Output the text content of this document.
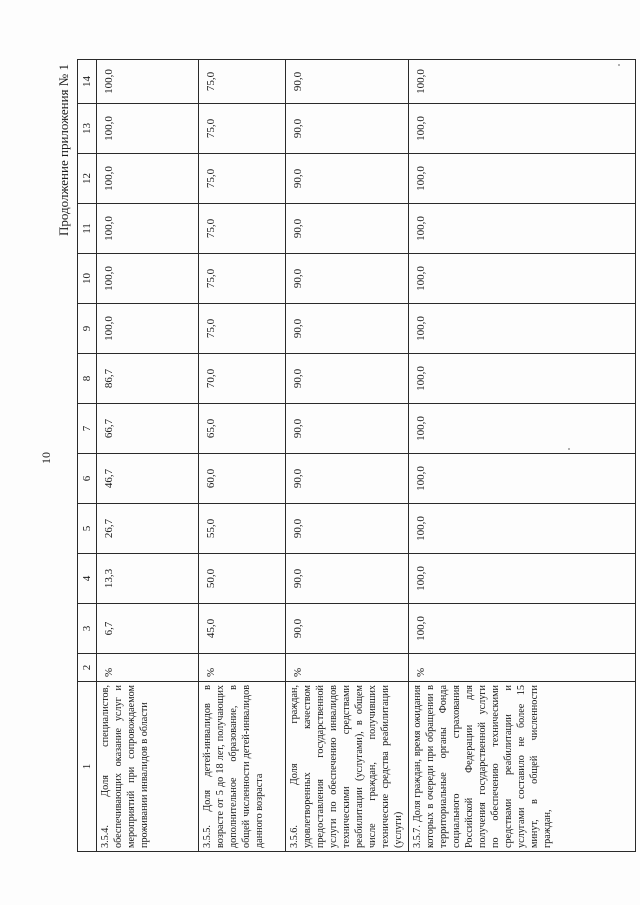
10
Продолжение приложения № 1
1	2	3	4	5	6	7	8	9	10	11	12	13	14
3.5.4. Доля специалистов, обеспечивающих оказание услуг и мероприятий при сопровождаемом проживании инвалидов в области	%	6,7	13,3	26,7	46,7	66,7	86,7	100,0	100,0	100,0	100,0	100,0	100,0
3.5.5. Доля детей-инвалидов в возрасте от 5 до 18 лет, получающих дополнительное образование, в общей численности детей-инвалидов данного возраста	%	45,0	50,0	55,0	60,0	65,0	70,0	75,0	75,0	75,0	75,0	75,0	75,0
3.5.6. Доля граждан, удовлетворенных качеством предоставления государственной услуги по обеспечению инвалидов техническими средствами реабилитации (услугами), в общем числе граждан, получивших технические средства реабилитации (услуги)	%	90,0	90,0	90,0	90,0	90,0	90,0	90,0	90,0	90,0	90,0	90,0	90,0
3.5.7. Доля граждан, время ожидания которых в очереди при обращении в территориальные органы Фонда социального страхования Российской Федерации для получения государственной услуги по обеспечению техническими средствами реабилитации и услугами составило не более 15 минут, в общей численности граждан,	%	100,0	100,0	100,0	100,0	100,0	100,0	100,0	100,0	100,0	100,0	100,0	100,0
